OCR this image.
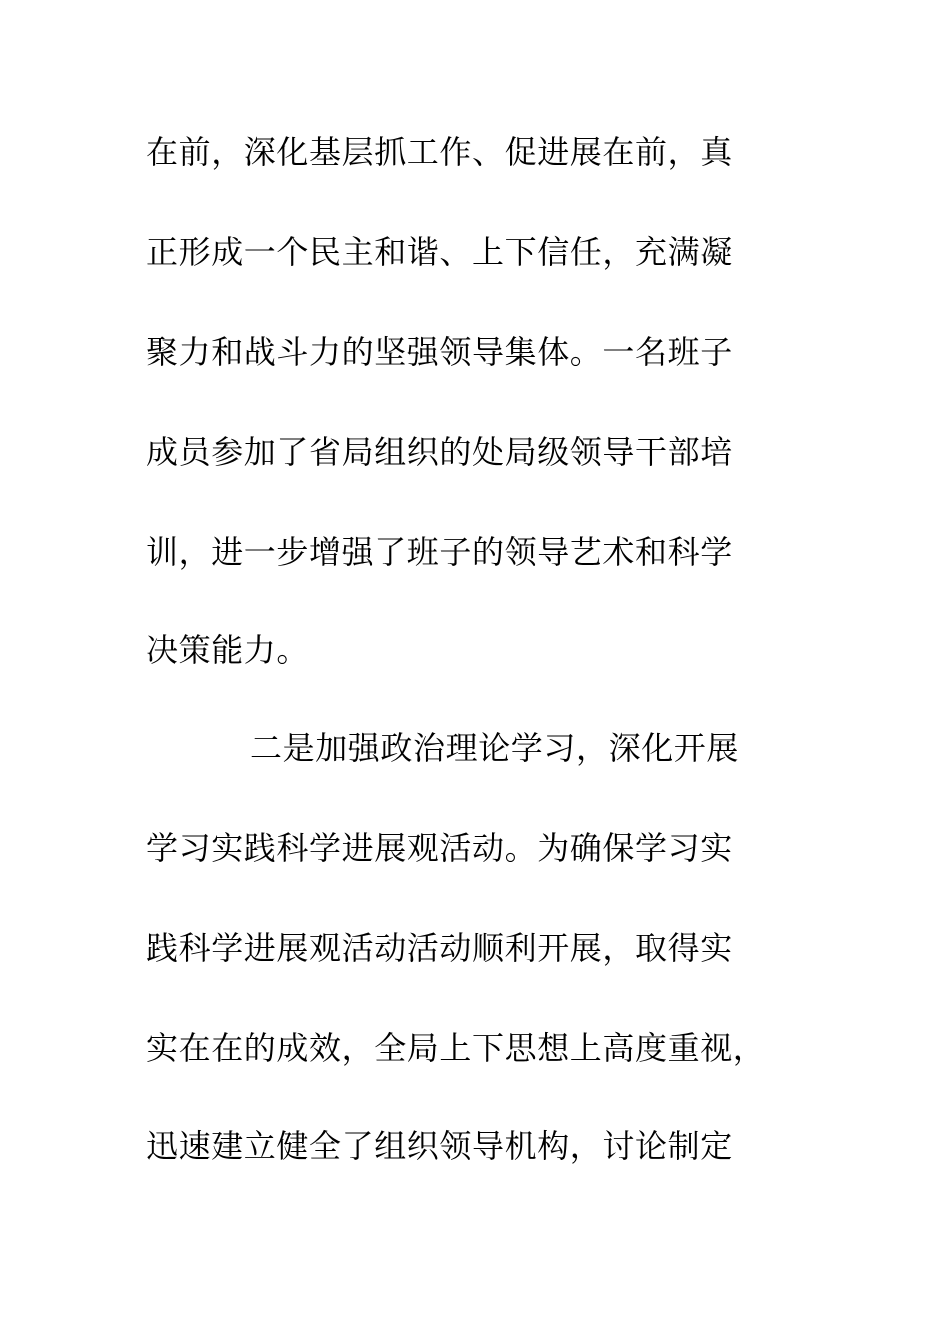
在前，深化基层抓工作、促进展在前，真
正形成一个民主和谐、上下信任，充满凝
聚力和战斗力的坚强领导集体。一名班子
成员参加了省局组织的处局级领导干部培
训，进一步增强了班子的领导艺术和科学
决策能力。
二是加强政治理论学习，深化开展
学习实践科学进展观活动。为确保学习实
践科学进展观活动活动顺利开展，取得实
实在在的成效，全局上下思想上高度重视，
迅速建立健全了组织领导机构，讨论制定
